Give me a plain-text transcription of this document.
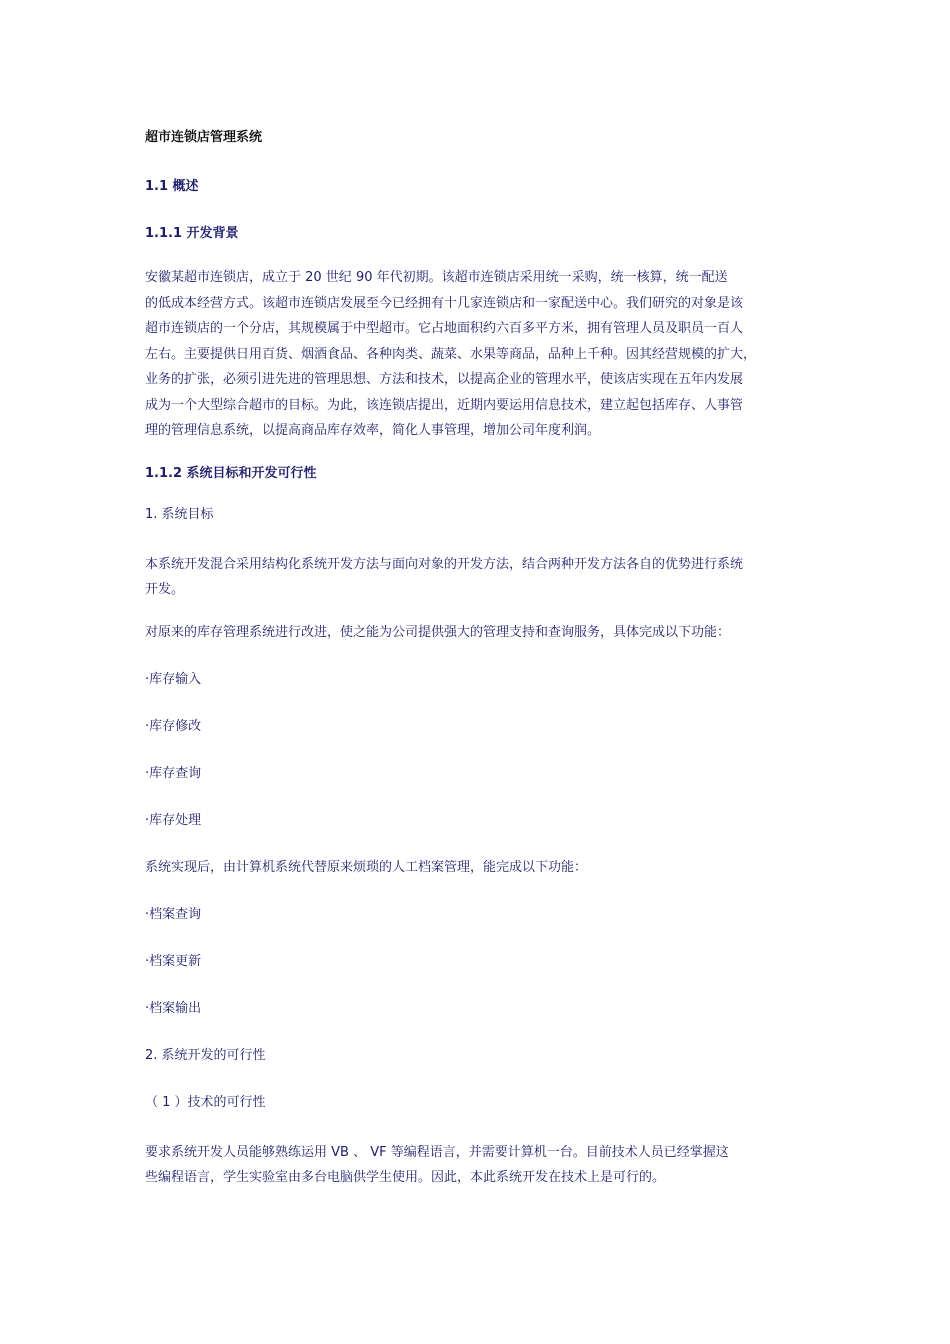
超市连锁店管理系统
1.1 概述
1.1.1 开发背景
安徽某超市连锁店，成立于 20 世纪 90 年代初期。该超市连锁店采用统一采购，统一核算，统一配送
的低成本经营方式。该超市连锁店发展至今已经拥有十几家连锁店和一家配送中心。我们研究的对象是该
超市连锁店的一个分店，其规模属于中型超市。它占地面积约六百多平方米，拥有管理人员及职员一百人
左右。主要提供日用百货、烟酒食品、各种肉类、蔬菜、水果等商品，品种上千种。因其经营规模的扩大，
业务的扩张，必须引进先进的管理思想、方法和技术，以提高企业的管理水平，使该店实现在五年内发展
成为一个大型综合超市的目标。为此，该连锁店提出，近期内要运用信息技术，建立起包括库存、人事管
理的管理信息系统，以提高商品库存效率，简化人事管理，增加公司年度利润。
1.1.2 系统目标和开发可行性
1. 系统目标
本系统开发混合采用结构化系统开发方法与面向对象的开发方法，结合两种开发方法各自的优势进行系统
开发。
对原来的库存管理系统进行改进，使之能为公司提供强大的管理支持和查询服务，具体完成以下功能：
·库存输入
·库存修改
·库存查询
·库存处理
系统实现后，由计算机系统代替原来烦琐的人工档案管理，能完成以下功能：
·档案查询
·档案更新
·档案输出
2. 系统开发的可行性
（ 1 ）技术的可行性
要求系统开发人员能够熟练运用 VB 、 VF 等编程语言，并需要计算机一台。目前技术人员已经掌握这
些编程语言，学生实验室由多台电脑供学生使用。因此，本此系统开发在技术上是可行的。
